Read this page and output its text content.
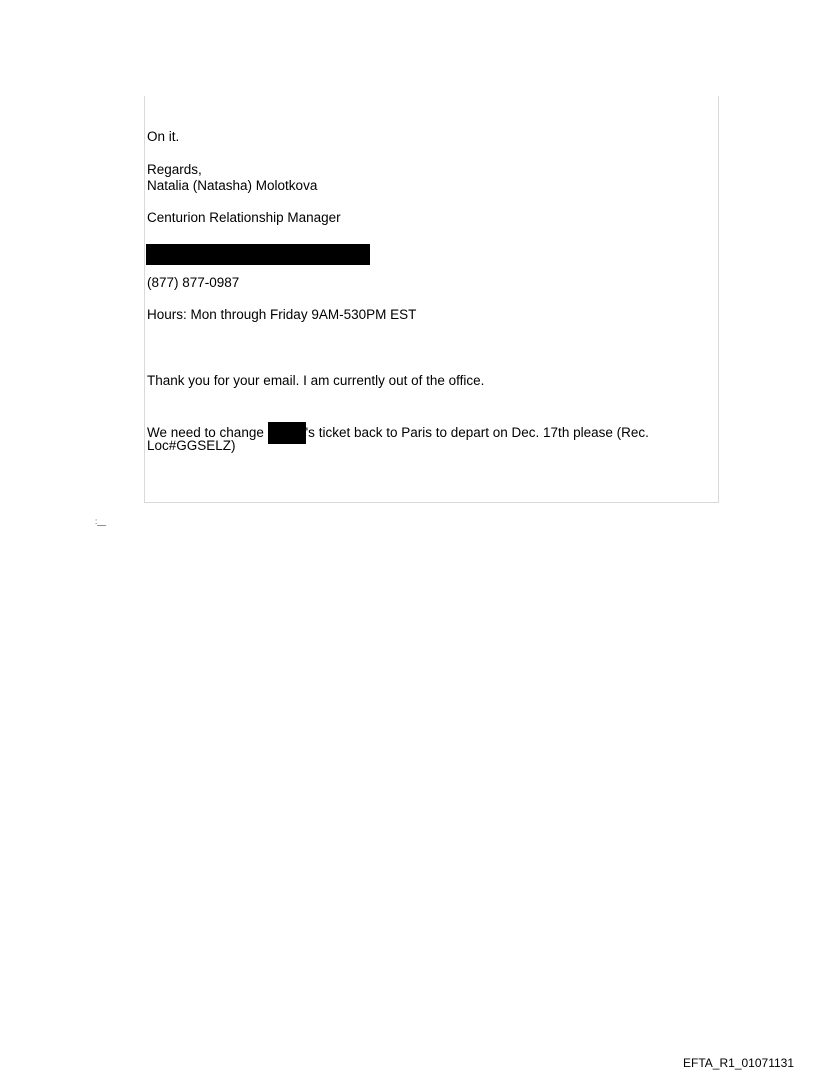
On it.
Regards,
Natalia (Natasha) Molotkova
Centurion Relationship Manager
(877) 877-0987
Hours: Mon through Friday 9AM-530PM EST
Thank you for your email. I am currently out of the office.
We need to change	's ticket back to Paris to depart on Dec. 17th please (Rec.
Loc#GGSELZ)
:__
EFTA_R1_01071131
